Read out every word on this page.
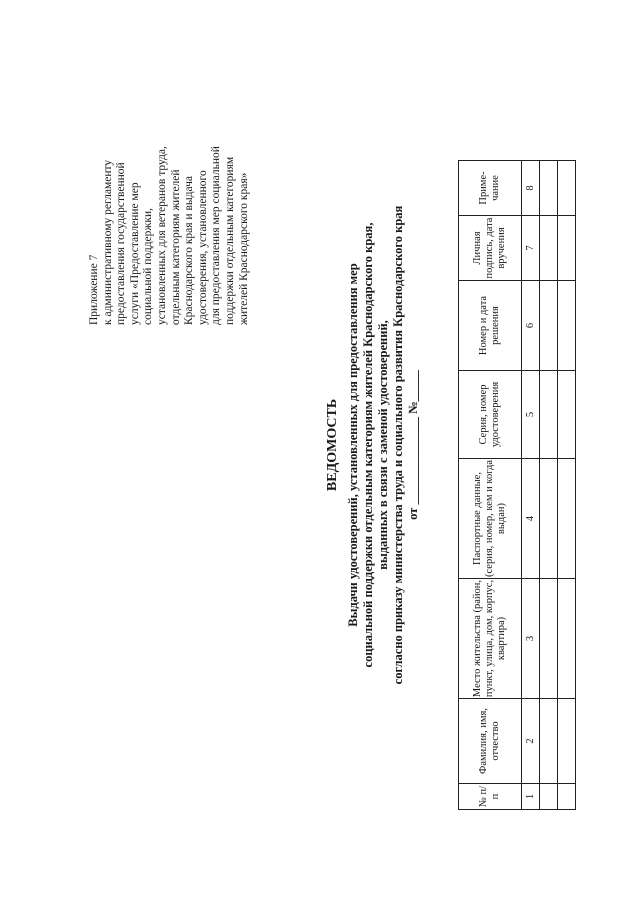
Приложение 7 к административному регламенту предоставления государственной услуги «Предоставление мер социальной поддержки, установленных для ветеранов труда, отдельным категориям жителей Краснодарского края и выдача удостоверения, установленного для предоставления мер социальной поддержки отдельным категориям жителей Краснодарского края»
ВЕДОМОСТЬ Выдачи удостоверений, установленных для предоставления мер социальной поддержки отдельным категориям жителей Краснодарского края, выданных в связи с заменой удостоверений, согласно приказу министерства труда и социального развития Краснодарского края от ______________ №_____
№ п/п	Фамилия, имя, отчество	Место жительства (район, пункт, улица, дом, корпус, квартира)	Паспортные данные, (серия, номер, кем и когда выдан)	Серия, номер удостоверения	Номер и дата решения	Личная подпись, дата вручения	Приме-чание
1	2	3	4	5	6	7	8
